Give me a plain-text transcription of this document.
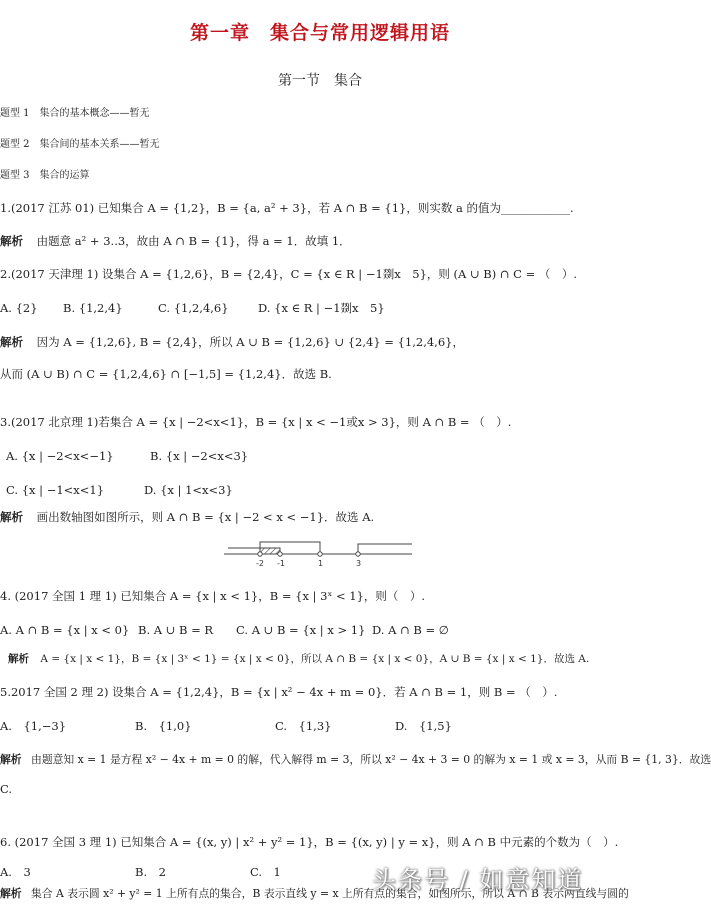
第一章　集合与常用逻辑用语
第一节　集合
题型 1　集合的基本概念——暂无
题型 2　集合间的基本关系——暂无
题型 3　集合的运算
1.(2017 江苏 01) 已知集合 A = {1,2}，B = {a, a² + 3}，若 A ∩ B = {1}，则实数 a 的值为____________.
解析 由题意 a² + 3..3，故由 A ∩ B = {1}，得 a = 1．故填 1．
2.(2017 天津理 1) 设集合 A = {1,2,6}，B = {2,4}，C = {x ∈ R | −1剟x　5}，则 (A ∪ B) ∩ C = （　）.
A. {2} B. {1,2,4}	C. {1,2,4,6}	D. {x ∈ R | −1剟x　5}
解析 因为 A = {1,2,6}, B = {2,4}，所以 A ∪ B = {1,2,6} ∪ {2,4} = {1,2,4,6}，
从而 (A ∪ B) ∩ C = {1,2,4,6} ∩ [−1,5] = {1,2,4}．故选 B.
3.(2017 北京理 1)若集合 A = {x | −2<x<1}，B = {x | x < −1或x > 3}，则 A ∩ B = （　）.
A. {x | −2<x<−1}	B. {x | −2<x<3}
C. {x | −1<x<1}	D. {x | 1<x<3}
解析 画出数轴图如图所示，则 A ∩ B = {x | −2 < x < −1}．故选 A.
-2 -1	1	3
4. (2017 全国 1 理 1) 已知集合 A = {x | x < 1}，B = {x | 3ˣ < 1}，则（　）.
A. A ∩ B = {x | x < 0} B. A ∪ B = R C. A ∪ B = {x | x > 1} D. A ∩ B = ∅
解析 A = {x | x < 1}，B = {x | 3ˣ < 1} = {x | x < 0}，所以 A ∩ B = {x | x < 0}，A ∪ B = {x | x < 1}．故选 A.
5.2017 全国 2 理 2) 设集合 A = {1,2,4}，B = {x | x² − 4x + m = 0}．若 A ∩ B = 1，则 B = （　）.
A.　{1,−3}	B.　{1,0}	C.　{1,3}	D.　{1,5}
解析 由题意知 x = 1 是方程 x² − 4x + m = 0 的解，代入解得 m = 3，所以 x² − 4x + 3 = 0 的解为 x = 1 或 x = 3，从而 B = {1, 3}．故选
C.
6. (2017 全国 3 理 1) 已知集合 A = {(x, y) | x² + y² = 1}，B = {(x, y) | y = x}，则 A ∩ B 中元素的个数为（　）.
A.　3	B.　2	C.　1
解析 集合 A 表示圆 x² + y² = 1 上所有点的集合，B 表示直线 y = x 上所有点的集合，如图所示，所以 A ∩ B 表示两直线与圆的
头条号 / 如意知道
